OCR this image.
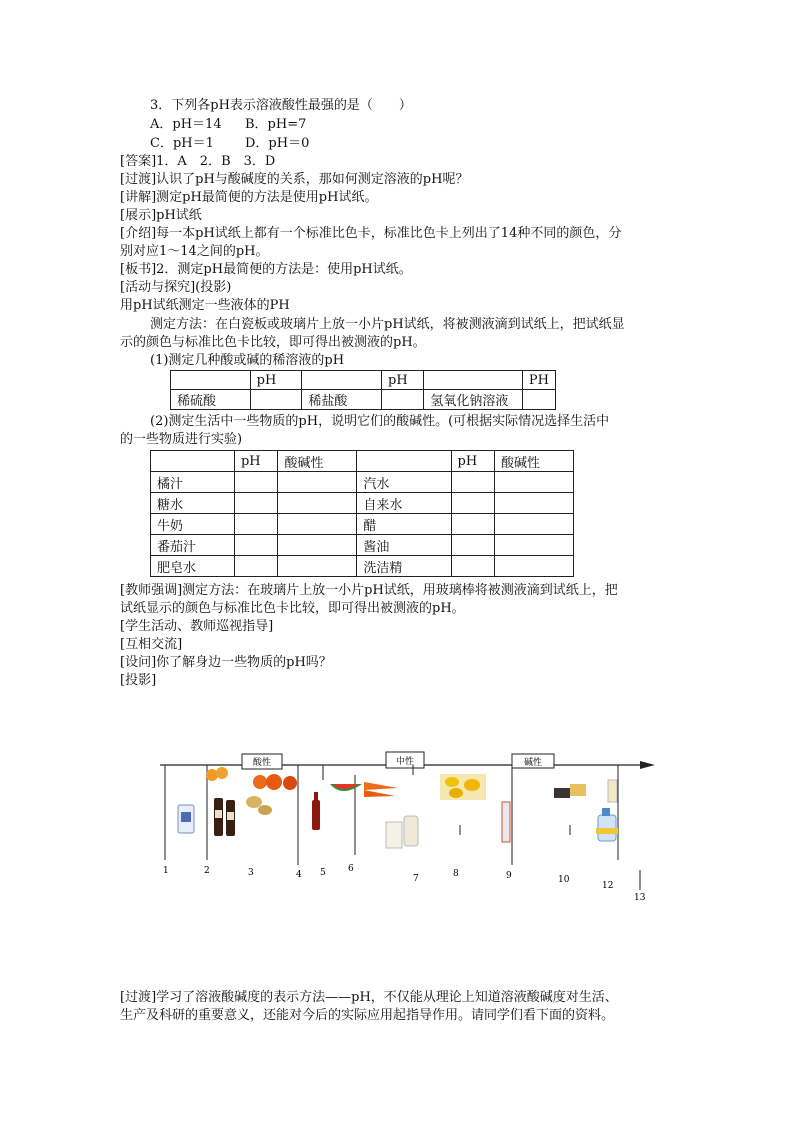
3．下列各pH表示溶液酸性最强的是（　　）
A．pH＝14 B．pH=7
C．pH＝1 D．pH＝0
[答案]1．A　2．B　3．D
[过渡]认识了pH与酸碱度的关系，那如何测定溶液的pH呢？
[讲解]测定pH最简便的方法是使用pH试纸。
[展示]pH试纸
[介绍]每一本pH试纸上都有一个标准比色卡，标准比色卡上列出了14种不同的颜色，分
别对应1～14之间的pH。
[板书]2．测定pH最简便的方法是：使用pH试纸。
[活动与探究](投影)
用pH试纸测定一些液体的PH
测定方法：在白瓷板或玻璃片上放一小片pH试纸，将被测液滴到试纸上，把试纸显
示的颜色与标准比色卡比较，即可得出被测液的pH。
(1)测定几种酸或碱的稀溶液的pH
	pH		pH		PH
稀硫酸		稀盐酸		氢氧化钠溶液	
(2)测定生活中一些物质的pH，说明它们的酸碱性。(可根据实际情况选择生活中
的一些物质进行实验)
	pH	酸碱性		pH	酸碱性
橘汁			汽水		
糖水			自来水		
牛奶			醋		
番茄汁			酱油		
肥皂水			洗洁精		
[教师强调]测定方法：在玻璃片上放一小片pH试纸，用玻璃棒将被测液滴到试纸上，把
试纸显示的颜色与标准比色卡比较，即可得出被测液的pH。
[学生活动、教师巡视指导]
[互相交流]
[设问]你了解身边一些物质的pH吗？
[投影]
酸性	中性	碱性
1	2	3	4 5 6
7	8	9	10
12
13
[过渡]学习了溶液酸碱度的表示方法——pH，不仅能从理论上知道溶液酸碱度对生活、
生产及科研的重要意义，还能对今后的实际应用起指导作用。请同学们看下面的资料。
